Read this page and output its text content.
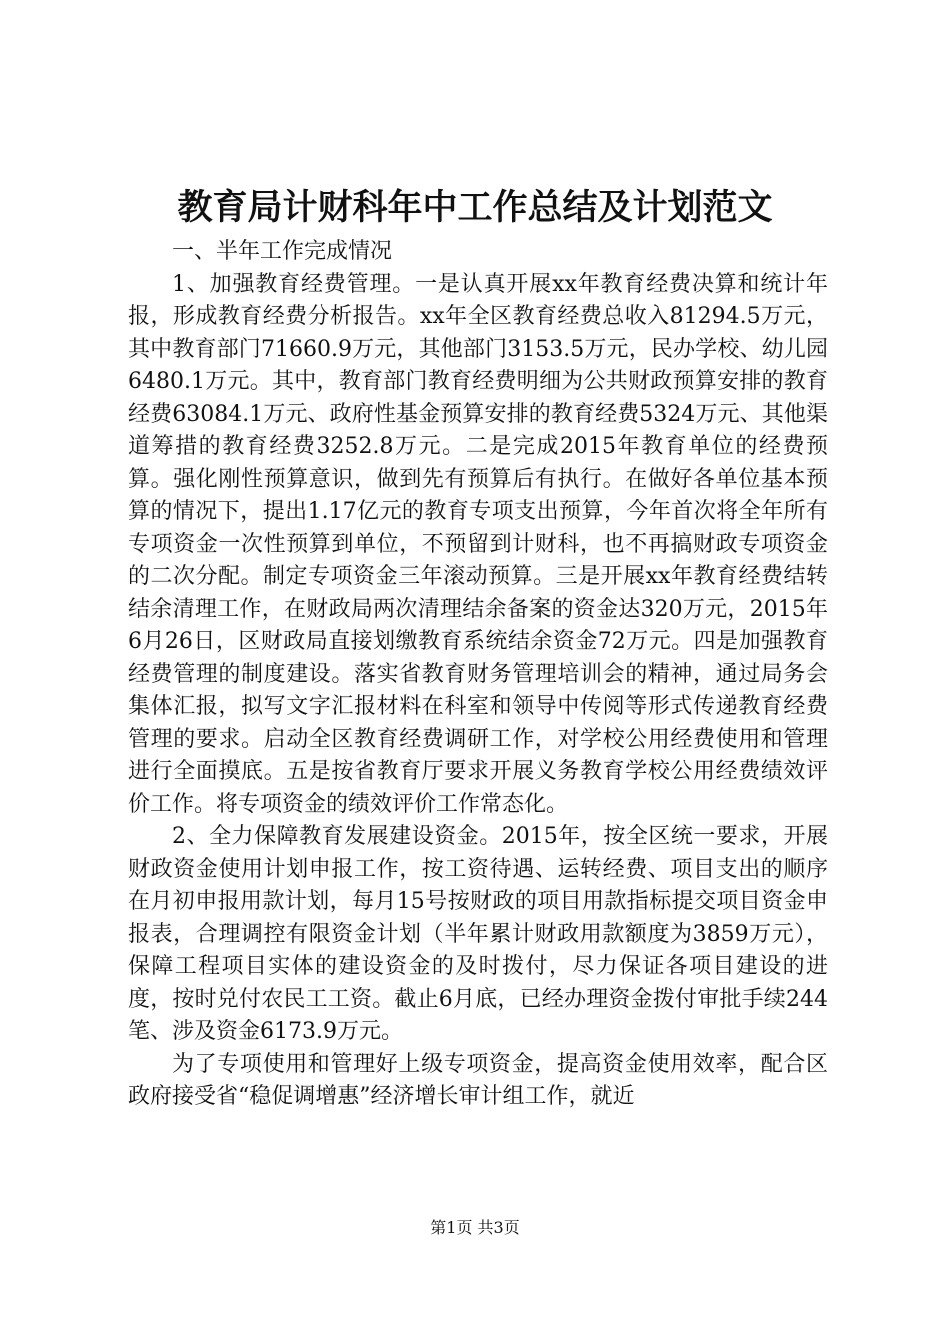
教育局计财科年中工作总结及计划范文

一、半年工作完成情况

1、加强教育经费管理。一是认真开展xx年教育经费决算和统计年报，形成教育经费分析报告。xx年全区教育经费总收入81294.5万元，其中教育部门71660.9万元，其他部门3153.5万元，民办学校、幼儿园6480.1万元。其中，教育部门教育经费明细为公共财政预算安排的教育经费63084.1万元、政府性基金预算安排的教育经费5324万元、其他渠道筹措的教育经费3252.8万元。二是完成2015年教育单位的经费预算。强化刚性预算意识，做到先有预算后有执行。在做好各单位基本预算的情况下，提出1.17亿元的教育专项支出预算，今年首次将全年所有专项资金一次性预算到单位，不预留到计财科，也不再搞财政专项资金的二次分配。制定专项资金三年滚动预算。三是开展xx年教育经费结转结余清理工作，在财政局两次清理结余备案的资金达320万元，2015年6月26日，区财政局直接划缴教育系统结余资金72万元。四是加强教育经费管理的制度建设。落实省教育财务管理培训会的精神，通过局务会集体汇报，拟写文字汇报材料在科室和领导中传阅等形式传递教育经费管理的要求。启动全区教育经费调研工作，对学校公用经费使用和管理进行全面摸底。五是按省教育厅要求开展义务教育学校公用经费绩效评价工作。将专项资金的绩效评价工作常态化。

2、全力保障教育发展建设资金。2015年，按全区统一要求，开展财政资金使用计划申报工作，按工资待遇、运转经费、项目支出的顺序在月初申报用款计划，每月15号按财政的项目用款指标提交项目资金申报表，合理调控有限资金计划（半年累计财政用款额度为3859万元），保障工程项目实体的建设资金的及时拨付，尽力保证各项目建设的进度，按时兑付农民工工资。截止6月底，已经办理资金拨付审批手续244笔、涉及资金6173.9万元。

为了专项使用和管理好上级专项资金，提高资金使用效率，配合区政府接受省“稳促调增惠”经济增长审计组工作，就近

第1页 共3页
